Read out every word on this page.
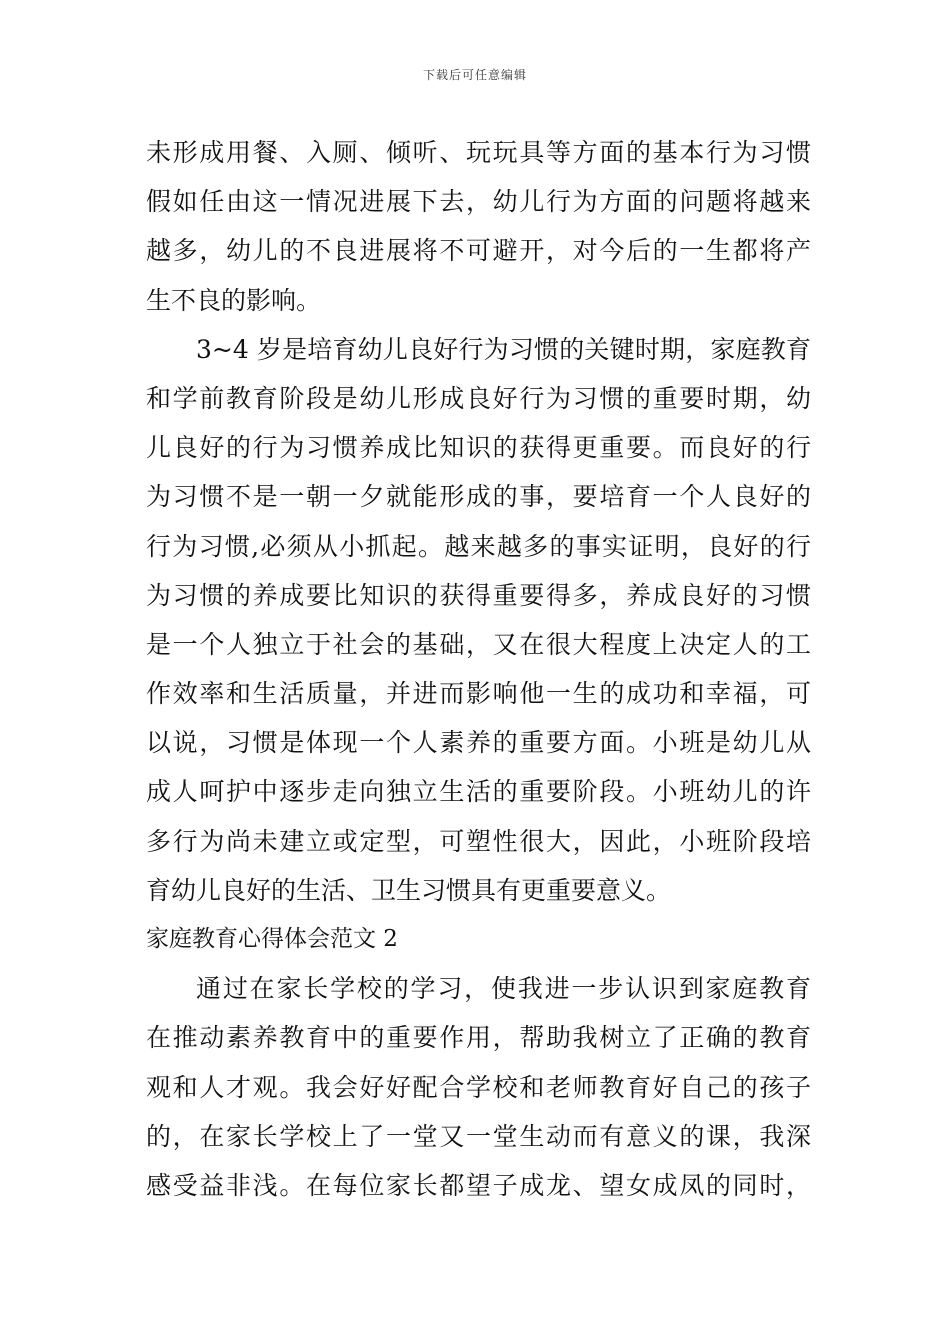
下载后可任意编辑
未形成用餐、入厕、倾听、玩玩具等方面的基本行为习惯
假如任由这一情况进展下去，幼儿行为方面的问题将越来
越多，幼儿的不良进展将不可避开，对今后的一生都将产
生不良的影响。
3~4 岁是培育幼儿良好行为习惯的关键时期，家庭教育
和学前教育阶段是幼儿形成良好行为习惯的重要时期，幼
儿良好的行为习惯养成比知识的获得更重要。而良好的行
为习惯不是一朝一夕就能形成的事，要培育一个人良好的
行为习惯,必须从小抓起。越来越多的事实证明，良好的行
为习惯的养成要比知识的获得重要得多，养成良好的习惯
是一个人独立于社会的基础，又在很大程度上决定人的工
作效率和生活质量，并进而影响他一生的成功和幸福，可
以说，习惯是体现一个人素养的重要方面。小班是幼儿从
成人呵护中逐步走向独立生活的重要阶段。小班幼儿的许
多行为尚未建立或定型，可塑性很大，因此，小班阶段培
育幼儿良好的生活、卫生习惯具有更重要意义。
家庭教育心得体会范文 2
通过在家长学校的学习，使我进一步认识到家庭教育
在推动素养教育中的重要作用，帮助我树立了正确的教育
观和人才观。我会好好配合学校和老师教育好自己的孩子
的，在家长学校上了一堂又一堂生动而有意义的课，我深
感受益非浅。在每位家长都望子成龙、望女成凤的同时，
